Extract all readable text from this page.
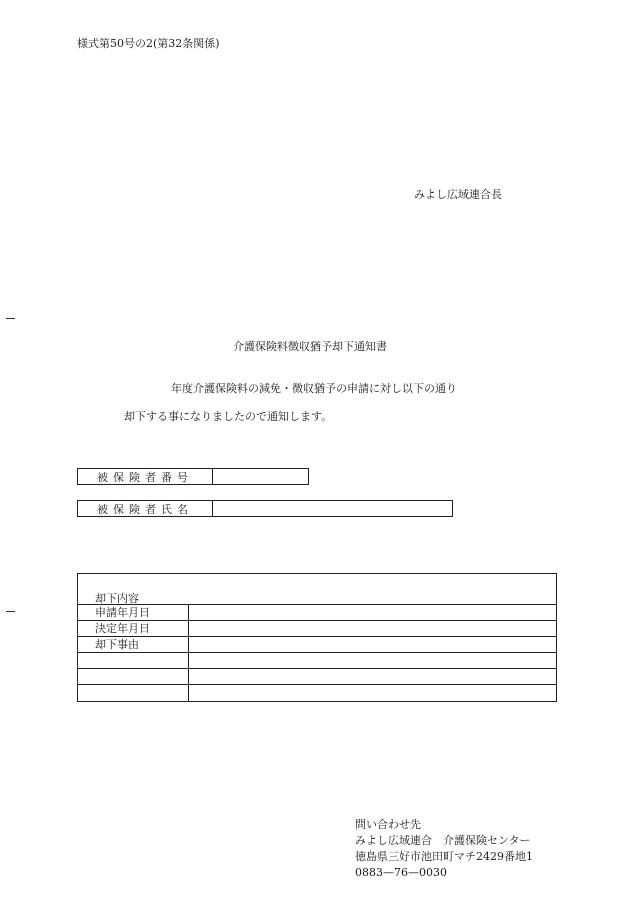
様式第50号の2(第32条関係)
みよし広域連合長
介護保険料徴収猶予却下通知書
年度介護保険料の減免・徴収猶予の申請に対し以下の通り
却下する事になりましたので通知します。
被保険者番号
被保険者氏名
却下内容
申請年月日
決定年月日
却下事由
問い合わせ先
みよし広域連合　介護保険センター
徳島県三好市池田町マチ2429番地1
0883—76—0030
